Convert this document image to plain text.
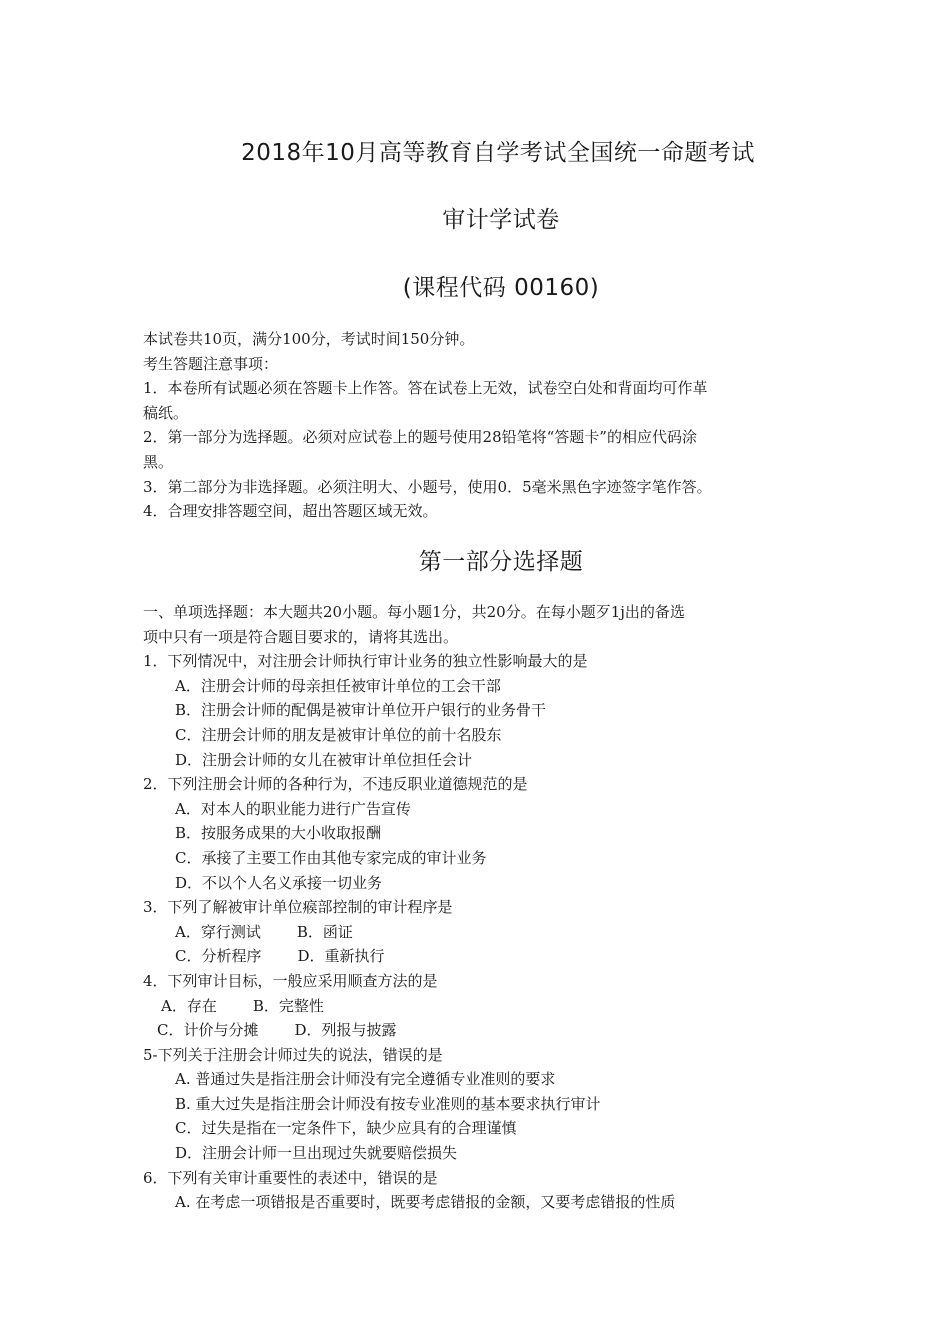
2018年10月高等教育自学考试全国统一命题考试
审计学试卷
(课程代码 00160)
本试卷共10页，满分100分，考试时间150分钟。
考生答题注意事项：
1．本卷所有试题必须在答题卡上作答。答在试卷上无效，试卷空白处和背面均可作革
稿纸。
2．第一部分为选择题。必须对应试卷上的题号使用28铅笔将“答题卡”的相应代码涂
黑。
3．第二部分为非选择题。必须注明大、小题号，使用0．5毫米黑色字迹签字笔作答。
4．合理安排答题空间，超出答题区域无效。
第一部分选择题
一、单项选择题：本大题共20小题。每小题1分，共20分。在每小题歹1j出的备选
项中只有一项是符合题目要求的，请将其选出。
1．下列情况中，对注册会计师执行审计业务的独立性影响最大的是
A．注册会计师的母亲担任被审计单位的工会干部
B．注册会计师的配偶是被审计单位开户银行的业务骨干
C．注册会计师的朋友是被审计单位的前十名股东
D．注册会计师的女儿在被审计单位担任会计
2．下列注册会计师的各种行为，不违反职业道德规范的是
A．对本人的职业能力进行广告宣传
B．按服务成果的大小收取报酬
C．承接了主要工作由其他专家完成的审计业务
D．不以个人名义承接一切业务
3．下列了解被审计单位瘊部控制的审计程序是
A．穿行测试 B．函证
C．分析程序 D．重新执行
4．下列审计目标，一般应采用顺查方法的是
A．存在 B．完整性
C．计价与分摊 D．列报与披露
5-下列关于注册会计师过失的说法，错误的是
A. 普通过失是指注册会计师没有完全遵循专业准则的要求
B. 重大过失是指注册会计师没有按专业准则的基本要求执行审计
C．过失是指在一定条件下，缺少应具有的合理谨慎
D．注册会计师一旦出现过失就要赔偿损失
6．下列有关审计重要性的表述中，错误的是
A. 在考虑一项错报是否重要时，既要考虑错报的金额，又要考虑错报的性质
